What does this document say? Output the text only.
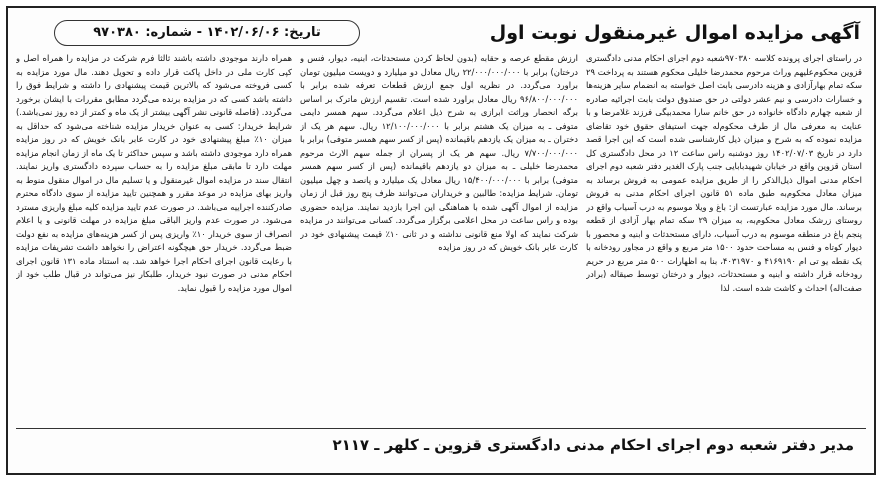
آگهی مزایده اموال غیرمنقول نوبت اول
تاریخ: ۱۴۰۲/۰۶/۰۶ - شماره: ۹۷۰۳۸۰

در راستای اجرای پرونده کلاسه ۹۷۰۳۸۰شعبه دوم اجرای احکام مدنی دادگستری قزوین محکوم‌علیهم وراث مرحوم محمدرضا خلیلی محکوم هستند به پرداخت ۲۹ سکه تمام بهارآزادی و هزینه دادرسی بابت اصل خواسته به انضمام سایر هزینه‌ها و خسارات دادرسی و نیم عشر دولتی در حق صندوق دولت بابت اجرائیه صادره از شعبه چهارم دادگاه خانواده در حق خانم سارا محمدبیگی فرزند غلامرضا و با عنایت به معرفی مال از طرف محکوم‌له جهت استیفای حقوق خود تقاضای مزایده نموده که به شرح و میزان ذیل کارشناسی شده است که این اجرا قصد دارد در تاریخ ۱۴۰۲/۰۷/۰۳ روز دوشنبه راس ساعت ۱۲ در محل دادگستری کل استان قزوین واقع در خیابان شهیدبابایی جنب پارک الغدیر دفتر شعبه دوم اجرای احکام مدنی اموال ذیل‌الذکر را از طریق مزایده عمومی به فروش برساند به میزان معادل محکوم‌به طبق ماده ۵۱ قانون اجرای احکام مدنی به فروش برساند. مال مورد مزایده عبارتست از: باغ و ویلا موسوم به درب آسیاب واقع در روستای زرشک معادل محکوم‌به، به میزان ۲۹ سکه تمام بهار آزادی از قطعه پنجم باغ در منطقه موسوم به درب آسیاب، دارای مستحدثات و ابنیه و محصور با دیوار کوتاه و فنس به مساحت حدود ۱۵۰۰ متر مربع و واقع در مجاور رودخانه با یک نقطه یو تی ام ۴۱۶۹۱۹۰ و ۴۰۳۱۹۷۰، بنا به اظهارات ۵۰۰ متر مربع در حریم رودخانه قرار داشته و ابنیه و مستحدثات، دیوار و درختان توسط صیقاله (برادر صفت‌اله) احداث و کاشت شده است. لذا

ارزش مقطع عرصه و حقابه (بدون لحاظ کردن مستحدثات، ابنیه، دیوار، فنس و درختان) برابر با ۲۲/۰۰۰/۰۰۰/۰۰۰ ریال معادل دو میلیارد و دویست میلیون تومان براورد می‌گردد. در نظریه اول جمع ارزش قطعات تعرفه شده برابر با ۹۶/۸۰۰/۰۰۰/۰۰۰ ریال معادل براورد شده است. تقسیم ارزش ماترک بر اساس برگه انحصار وراثت ابرازی به شرح ذیل اعلام می‌گردد. سهم همسر دایمی متوفی ـ به میزان یک هشتم برابر با ۱۲/۱۰۰/۰۰۰/۰۰۰ ریال. سهم هر یک از دختران ـ به میزان یک یازدهم باقیمانده (پس از کسر سهم همسر متوفی) برابر با ۷/۷۰۰/۰۰۰/۰۰۰ ریال. سهم هر یک از پسران از جمله سهم الارث مرحوم محمدرضا خلیلی ـ به میزان دو یازدهم باقیمانده (پس از کسر سهم همسر متوفی) برابر با ۱۵/۴۰۰/۰۰۰/۰۰۰ ریال معادل یک میلیارد و پانصد و چهل میلیون تومان. شرایط مزایده: طالبین و خریداران می‌توانند ظرف پنج روز قبل از زمان مزایده از اموال آگهی شده با هماهنگی این اجرا بازدید نمایند. مزایده حضوری بوده و راس ساعت در محل اعلامی برگزار می‌گردد. کسانی می‌توانند در مزایده شرکت نمایند که اولا منع قانونی نداشته و در ثانی ۱۰٪ قیمت پیشنهادی خود در کارت عابر بانک خویش که در روز مزایده

همراه دارند موجودی داشته باشند ثالثا فرم شرکت در مزایده را همراه اصل و کپی کارت ملی در داخل پاکت قرار داده و تحویل دهند. مال مورد مزایده به کسی فروخته می‌شود که بالاترین قیمت پیشنهادی را داشته و شرایط فوق را داشته باشد کسی که در مزایده برنده می‌گردد مطابق مقررات با ایشان برخورد می‌گردد. (فاصله قانونی نشر آگهی بیشتر از یک ماه و کمتر از ده روز نمی‌باشد.) شرایط خریدار: کسی به عنوان خریدار مزایده شناخته می‌شود که حداقل به میزان ۱۰٪ مبلغ پیشنهادی خود در کارت عابر بانک خویش که در روز مزایده همراه دارد موجودی داشته باشد و سپس حداکثر تا یک ماه از زمان انجام مزایده مهلت دارد تا مابقی مبلغ مزایده را به حساب سپرده دادگستری واریز نمایند. انتقال سند در مزایده اموال غیرمنقول و یا تسلیم مال در اموال منقول منوط به واریز بهای مزایده در موعد مقرر و همچنین تایید مزایده از سوی دادگاه محترم صادرکننده اجراییه می‌باشد. در صورت عدم تایید مزایده کلیه مبلغ واریزی مسترد می‌شود. در صورت عدم واریز الباقی مبلغ مزایده در مهلت قانونی و یا اعلام انصراف از سوی خریدار ۱۰٪ واریزی پس از کسر هزینه‌های مزایده به نفع دولت ضبط می‌گردد. خریدار حق هیچگونه اعتراض را نخواهد داشت تشریفات مزایده با رعایت قانون اجرای احکام اجرا خواهد شد. به استناد ماده ۱۳۱ قانون اجرای احکام مدنی در صورت نبود خریدار، طلبکار نیز می‌تواند در قبال طلب خود از اموال مورد مزایده را قبول نماید.

مدیر دفتر شعبه دوم اجرای احکام مدنی دادگستری قزوین ـ کلهر ـ ۲۱۱۷
